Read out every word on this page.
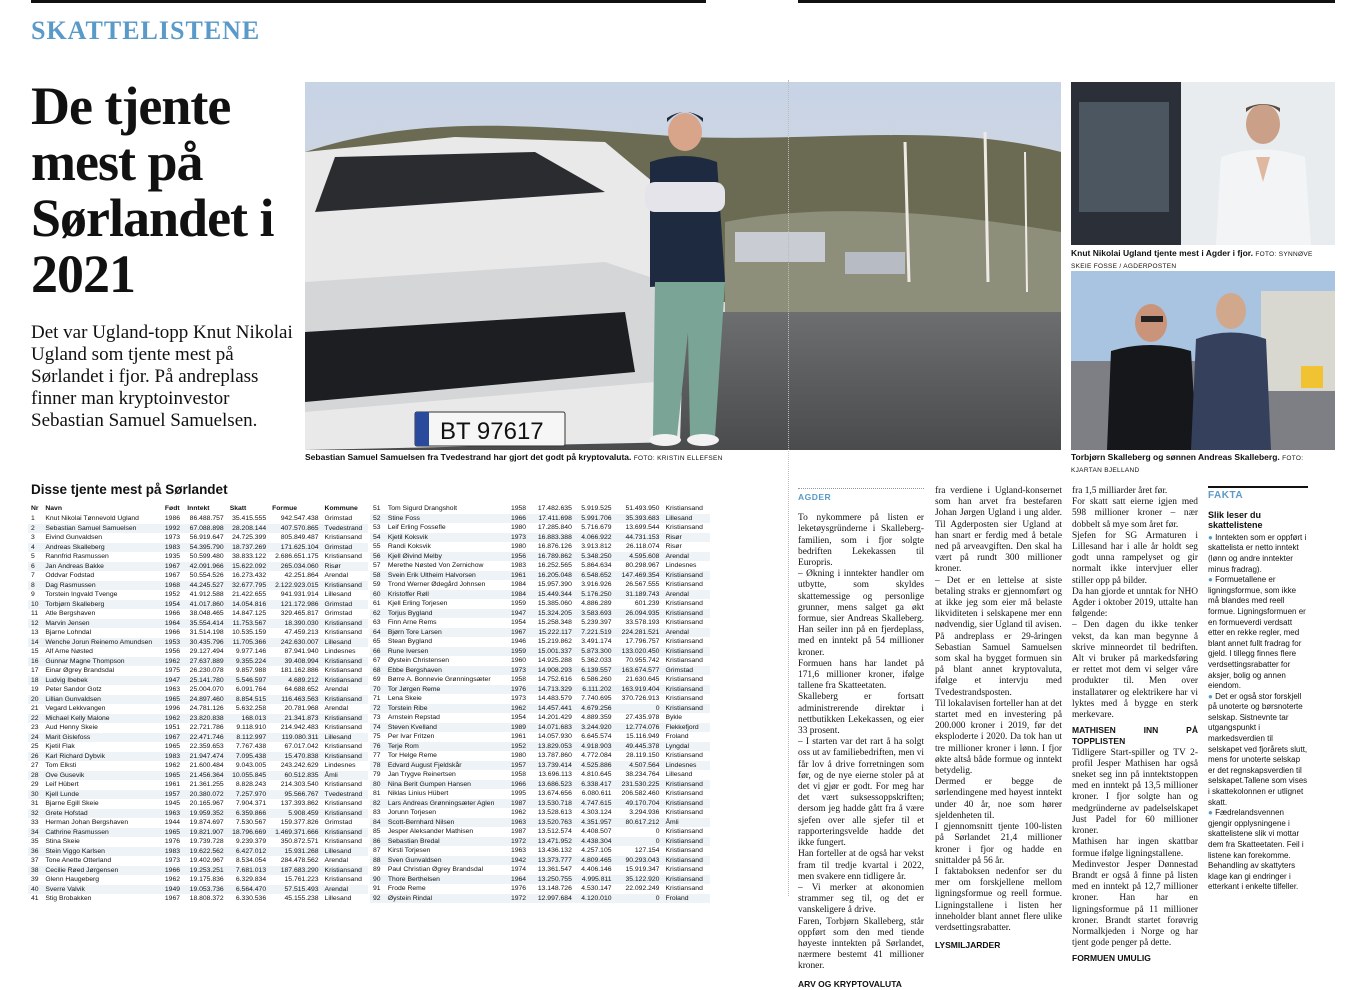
SKATTELISTENE
De tjente mest på Sørlandet i 2021
Det var Ugland-topp Knut Nikolai Ugland som tjente mest på Sørlandet i fjor. På andreplass finner man kryptoinvestor Sebastian Samuel Samuelsen.	BT 97617
Sebastian Samuel Samuelsen fra Tvedestrand har gjort det godt på kryptovaluta. FOTO: KRISTIN ELLEFSEN
Knut Nikolai Ugland tjente mest i Agder i fjor. FOTO: SYNNØVE SKEIE FOSSE / AGDERPOSTEN
Torbjørn Skalleberg og sønnen Andreas Skalleberg. FOTO: KJARTAN BJELLAND
Disse tjente mest på Sørlandet
Nr	Navn	Født	Inntekt	Skatt	Formue	Kommune
1	Knut Nikolai Tønnevold Ugland	1986	86.488.757	35.415.555	942.547.438	Grimstad
2	Sebastian Samuel Samuelsen	1992	67.088.898	28.208.144	407.570.865	Tvedestrand
3	Eivind Gunvaldsen	1973	56.919.647	24.725.399	805.849.487	Kristiansand
4	Andreas Skalleberg	1983	54.395.790	18.737.269	171.625.104	Grimstad
5	Rannfrid Rasmussen	1935	50.599.480	38.833.122	2.686.651.175	Kristiansand
6	Jan Andreas Bakke	1967	42.091.966	15.622.092	265.034.060	Risør
7	Oddvar Fodstad	1967	50.554.526	16.273.432	42.251.864	Arendal
8	Dag Rasmussen	1968	44.245.527	32.677.795	2.122.923.015	Kristiansand
9	Torstein Ingvald Tvenge	1952	41.912.588	21.422.655	941.931.914	Lillesand
10	Torbjørn Skalleberg	1954	41.017.860	14.054.816	121.172.986	Grimstad
11	Atle Bergshaven	1966	38.048.465	14.847.125	329.465.817	Grimstad
12	Marvin Jensen	1964	35.554.414	11.753.567	18.390.030	Kristiansand
13	Bjarne Lohndal	1966	31.514.198	10.535.159	47.459.213	Kristiansand
14	Wenche Jorun Reinemo Amundsen	1953	30.435.796	11.705.366	242.630.007	Lillesand
15	Alf Arne Nøsted	1956	29.127.494	9.977.146	87.941.940	Lindesnes
16	Gunnar Magne Thompson	1962	27.637.889	9.355.224	39.408.994	Kristiansand
17	Einar Øgrey Brandsdal	1975	26.230.078	9.857.988	181.162.886	Kristiansand
18	Ludvig Ibebek	1947	25.141.780	5.546.597	4.689.212	Kristiansand
19	Peter Sandor Gotz	1963	25.004.070	6.091.764	64.688.652	Arendal
20	Lillian Gunvaldsen	1965	24.897.460	8.854.515	116.463.563	Kristiansand
21	Vegard Lekkvangen	1996	24.781.126	5.632.258	20.781.968	Arendal
22	Michael Kelly Malone	1962	23.820.838	168.013	21.341.873	Kristiansand
23	Aud Henny Skeie	1951	22.721.786	9.118.910	214.942.483	Kristiansand
24	Marit Gislefoss	1967	22.471.746	8.112.997	119.080.311	Lillesand
25	Kjetil Flak	1965	22.359.653	7.767.438	67.017.042	Kristiansand
26	Karl Richard Dybvik	1983	21.947.474	7.095.438	15.470.838	Kristiansand
27	Tom Elksti	1962	21.600.484	9.043.005	243.242.629	Lindesnes
28	Ove Gusevik	1965	21.456.364	10.055.845	60.512.835	Åmli
29	Leif Hübert	1961	21.361.255	8.828.243	214.303.540	Kristiansand
30	Kjell Lunde	1957	20.380.072	7.257.970	95.566.767	Tvedestrand
31	Bjarne Egill Skeie	1945	20.165.967	7.904.371	137.393.862	Kristiansand
32	Grete Hofstad	1963	19.959.352	6.359.866	5.908.459	Kristiansand
33	Herman Johan Bergshaven	1944	19.874.697	7.530.567	159.377.826	Grimstad
34	Cathrine Rasmussen	1965	19.821.907	18.796.669	1.469.371.666	Kristiansand
35	Stina Skeie	1976	19.739.728	9.239.379	350.872.571	Kristiansand
36	Stein Viggo Karlsen	1983	19.622.562	6.427.012	15.931.268	Lillesand
37	Tone Anette Otterland	1973	19.402.967	8.534.054	284.478.562	Arendal
38	Cecilie Røed Jørgensen	1966	19.253.251	7.681.013	187.683.290	Kristiansand
39	Glenn Haugeberg	1962	19.175.836	6.329.834	15.761.223	Kristiansand
40	Sverre Valvik	1949	19.053.736	6.564.470	57.515.493	Arendal
41	Stig Brobakken	1967	18.808.372	6.330.536	45.155.238	Lillesand
51	Tom Sigurd Drangsholt	1958	17.482.635	5.919.525	51.493.950	Kristiansand
52	Stine Foss	1966	17.411.698	5.991.706	35.393.683	Lillesand
53	Leif Erling Fossefle	1980	17.285.840	5.716.679	13.699.544	Kristiansand
54	Kjetil Koksvik	1973	16.883.388	4.066.922	44.731.153	Risør
55	Randi Koksvik	1980	16.876.126	3.913.812	26.118.074	Risør
56	Kjell Øivind Melby	1956	16.789.862	5.348.250	4.595.608	Arendal
57	Merethe Nøsted Von Zernichow	1983	16.252.565	5.864.634	80.298.967	Lindesnes
58	Svein Erik Ultheim Halvorsen	1961	16.205.048	6.548.652	147.469.354	Kristiansand
59	Trond Werner Ødegård Johnsen	1984	15.957.390	3.916.926	26.567.555	Kristiansand
60	Kristoffer Røll	1984	15.449.344	5.176.250	31.189.743	Arendal
61	Kjell Erling Torjesen	1959	15.385.060	4.886.289	601.239	Kristiansand
62	Torjus Bygland	1947	15.324.205	3.583.693	26.094.935	Kristiansand
63	Finn Arne Rems	1954	15.258.348	5.239.397	33.578.193	Kristiansand
64	Bjørn Tore Larsen	1967	15.222.117	7.221.519	224.281.521	Arendal
65	Stean Bygland	1946	15.219.862	3.491.174	17.796.757	Kristiansand
66	Rune Iversen	1959	15.001.337	5.873.300	133.020.450	Kristiansand
67	Øystein Christensen	1960	14.925.288	5.362.033	70.955.742	Kristiansand
68	Ebbe Bergshaven	1973	14.908.293	6.139.557	163.674.577	Grimstad
69	Børre A. Bonnevie Grønningsæter	1958	14.752.616	6.586.260	21.630.645	Kristiansand
70	Tor Jørgen Reme	1976	14.713.329	6.111.202	163.919.404	Kristiansand
71	Lena Skeie	1973	14.483.579	7.740.695	370.726.913	Kristiansand
72	Torstein Ribe	1962	14.457.441	4.679.256	0	Kristiansand
73	Arnstein Repstad	1954	14.201.429	4.889.359	27.435.978	Bykle
74	Steven Kvelland	1989	14.071.683	3.244.920	12.774.076	Flekkefjord
75	Per Ivar Fritzen	1961	14.057.930	6.645.574	15.116.949	Froland
76	Terje Rom	1952	13.829.053	4.918.903	49.445.378	Lyngdal
77	Tor Helge Reme	1980	13.787.860	4.772.084	28.119.150	Kristiansand
78	Edvard August Fjeldskår	1957	13.739.414	4.525.886	4.507.564	Lindesnes
79	Jan Trygve Reinertsen	1958	13.696.113	4.810.645	38.234.764	Lillesand
80	Nina Berit Gumpen Hansen	1966	13.686.523	6.338.417	231.530.225	Kristiansand
81	Niklas Linius Hübert	1995	13.674.656	6.080.611	206.582.460	Kristiansand
82	Lars Andreas Grønningsæter Aglen	1987	13.530.718	4.747.615	49.170.704	Kristiansand
83	Jorunn Torjesen	1962	13.528.613	4.303.124	3.294.936	Kristiansand
84	Scott-Bernhard Nilsen	1963	13.520.763	4.351.957	80.617.212	Åmli
85	Jesper Aleksander Mathisen	1987	13.512.574	4.408.507	0	Kristiansand
86	Sebastian Bredal	1972	13.471.952	4.438.304	0	Kristiansand
87	Kirsti Torjesen	1963	13.436.132	4.257.105	127.154	Kristiansand
88	Sven Gunvaldsen	1942	13.373.777	4.809.465	90.293.043	Kristiansand
89	Paul Christian Øgrey Brandsdal	1974	13.361.547	4.406.146	15.919.347	Kristiansand
90	Thore Berthelsen	1964	13.250.755	4.995.811	35.122.920	Kristiansand
91	Frode Reme	1976	13.148.726	4.530.147	22.092.249	Kristiansand
92	Øystein Rindal	1972	12.997.684	4.120.010	0	Froland
AGDER

To nykommere på listen er leketøysgründerne i Skalleberg-familien, som i fjor solgte bedriften Lekekassen til Europris.

– Økning i inntekter handler om utbytte, som skyldes skattemessige og personlige grunner, mens salget ga økt formue, sier Andreas Skalleberg. Han seiler inn på en fjerdeplass, med en inntekt på 54 millioner kroner.

Formuen hans har landet på 171,6 millioner kroner, ifølge tallene fra Skatteetaten.

Skalleberg er fortsatt administrerende direktør i nettbutikken Lekekassen, og eier 33 prosent.

– I starten var det rart å ha solgt oss ut av familiebedriften, men vi får lov å drive forretningen som før, og de nye eierne stoler på at det vi gjør er godt. For meg har det vært suksessoppskriften; dersom jeg hadde gått fra å være sjefen over alle sjefer til et rapporteringsvelde hadde det ikke fungert.

Han forteller at de også har vekst fram til tredje kvartal i 2022, men svakere enn tidligere år.

– Vi merker at økonomien strammer seg til, og det er vanskeligere å drive.

Faren, Torbjørn Skalleberg, står oppført som den med tiende høyeste inntekten på Sørlandet, nærmere bestemt 41 millioner kroner.

ARV OG KRYPTOVALUTA

fra verdiene i Ugland-konsernet som han arvet fra bestefaren Johan Jørgen Ugland i ung alder. Til Agderposten sier Ugland at han snart er ferdig med å betale ned på arveavgiften. Den skal ha vært på rundt 300 millioner kroner.

– Det er en lettelse at siste betaling straks er gjennomført og at ikke jeg som eier må belaste likviditeten i selskapene mer enn nødvendig, sier Ugland til avisen.

På andreplass er 29-åringen Sebastian Samuel Samuelsen som skal ha bygget formuen sin på blant annet kryptovaluta, ifølge et intervju med Tvedestrandsposten.

Til lokalavisen forteller han at det startet med en investering på 200.000 kroner i 2019, før det eksploderte i 2020. Da tok han ut tre millioner kroner i lønn. I fjor økte altså både formue og inntekt betydelig.

Dermed er begge de sørlendingene med høyest inntekt under 40 år, noe som hører sjeldenheten til.

I gjennomsnitt tjente 100-listen på Sørlandet 21,4 millioner kroner i fjor og hadde en snittalder på 56 år.

I faktaboksen nedenfor ser du mer om forskjellene mellom ligningsformue og reell formue. Ligningstallene i listen her inneholder blant annet flere ulike verdsettingsrabatter.

LYSMILJARDER

fra 1,5 milliarder året før.

For skatt satt eierne igjen med 598 millioner kroner – nær dobbelt så mye som året før.

Sjefen for SG Armaturen i Lillesand har i alle år holdt seg godt unna rampelyset og gir normalt ikke intervjuer eller stiller opp på bilder.

Da han gjorde et unntak for NHO Agder i oktober 2019, uttalte han følgende:

– Den dagen du ikke tenker vekst, da kan man begynne å skrive minneordet til bedriften. Alt vi bruker på markedsføring er rettet mot dem vi selger våre produkter til. Men over installatører og elektrikere har vi lyktes med å bygge en sterk merkevare.

MATHISEN INN PÅ TOPPLISTEN

Tidligere Start-spiller og TV 2-profil Jesper Mathisen har også sneket seg inn på inntektstoppen med en inntekt på 13,5 millioner kroner. I fjor solgte han og medgründerne av padelselskapet Just Padel for 60 millioner kroner.

Mathisen har ingen skattbar formue ifølge ligningstallene.

Medinvestor Jesper Dønnestad Brandt er også å finne på listen med en inntekt på 12,7 millioner kroner. Han har en ligningsformue på 11 millioner kroner. Brandt startet forøvrig Normalkjeden i Norge og har tjent gode penger på dette.

FORMUEN UMULIG
FAKTA
Slik leser du skattelistene
● Inntekten som er oppført i skattelista er netto inntekt (lønn og andre inntekter minus fradrag).
● Formuetallene er ligningsformue, som ikke må blandes med reell formue. Ligningsformuen er en formueverdi verdsatt etter en rekke regler, med blant annet fullt fradrag for gjeld. I tillegg finnes flere verdsettingsrabatter for aksjer, bolig og annen eiendom.
● Det er også stor forskjell på unoterte og børsnoterte selskap. Sistnevnte tar utgangspunkt i markedsverdien til selskapet ved fjorårets slutt, mens for unoterte selskap er det regnskapsverdien til selskapet.Tallene som vises i skattekolonnen er utlignet skatt.
● Fædrelandsvennen gjengir opplysningene i skattelistene slik vi mottar dem fra Skatteetaten. Feil i listene kan forekomme. Behandling av skattyters klage kan gi endringer i etterkant i enkelte tilfeller.
